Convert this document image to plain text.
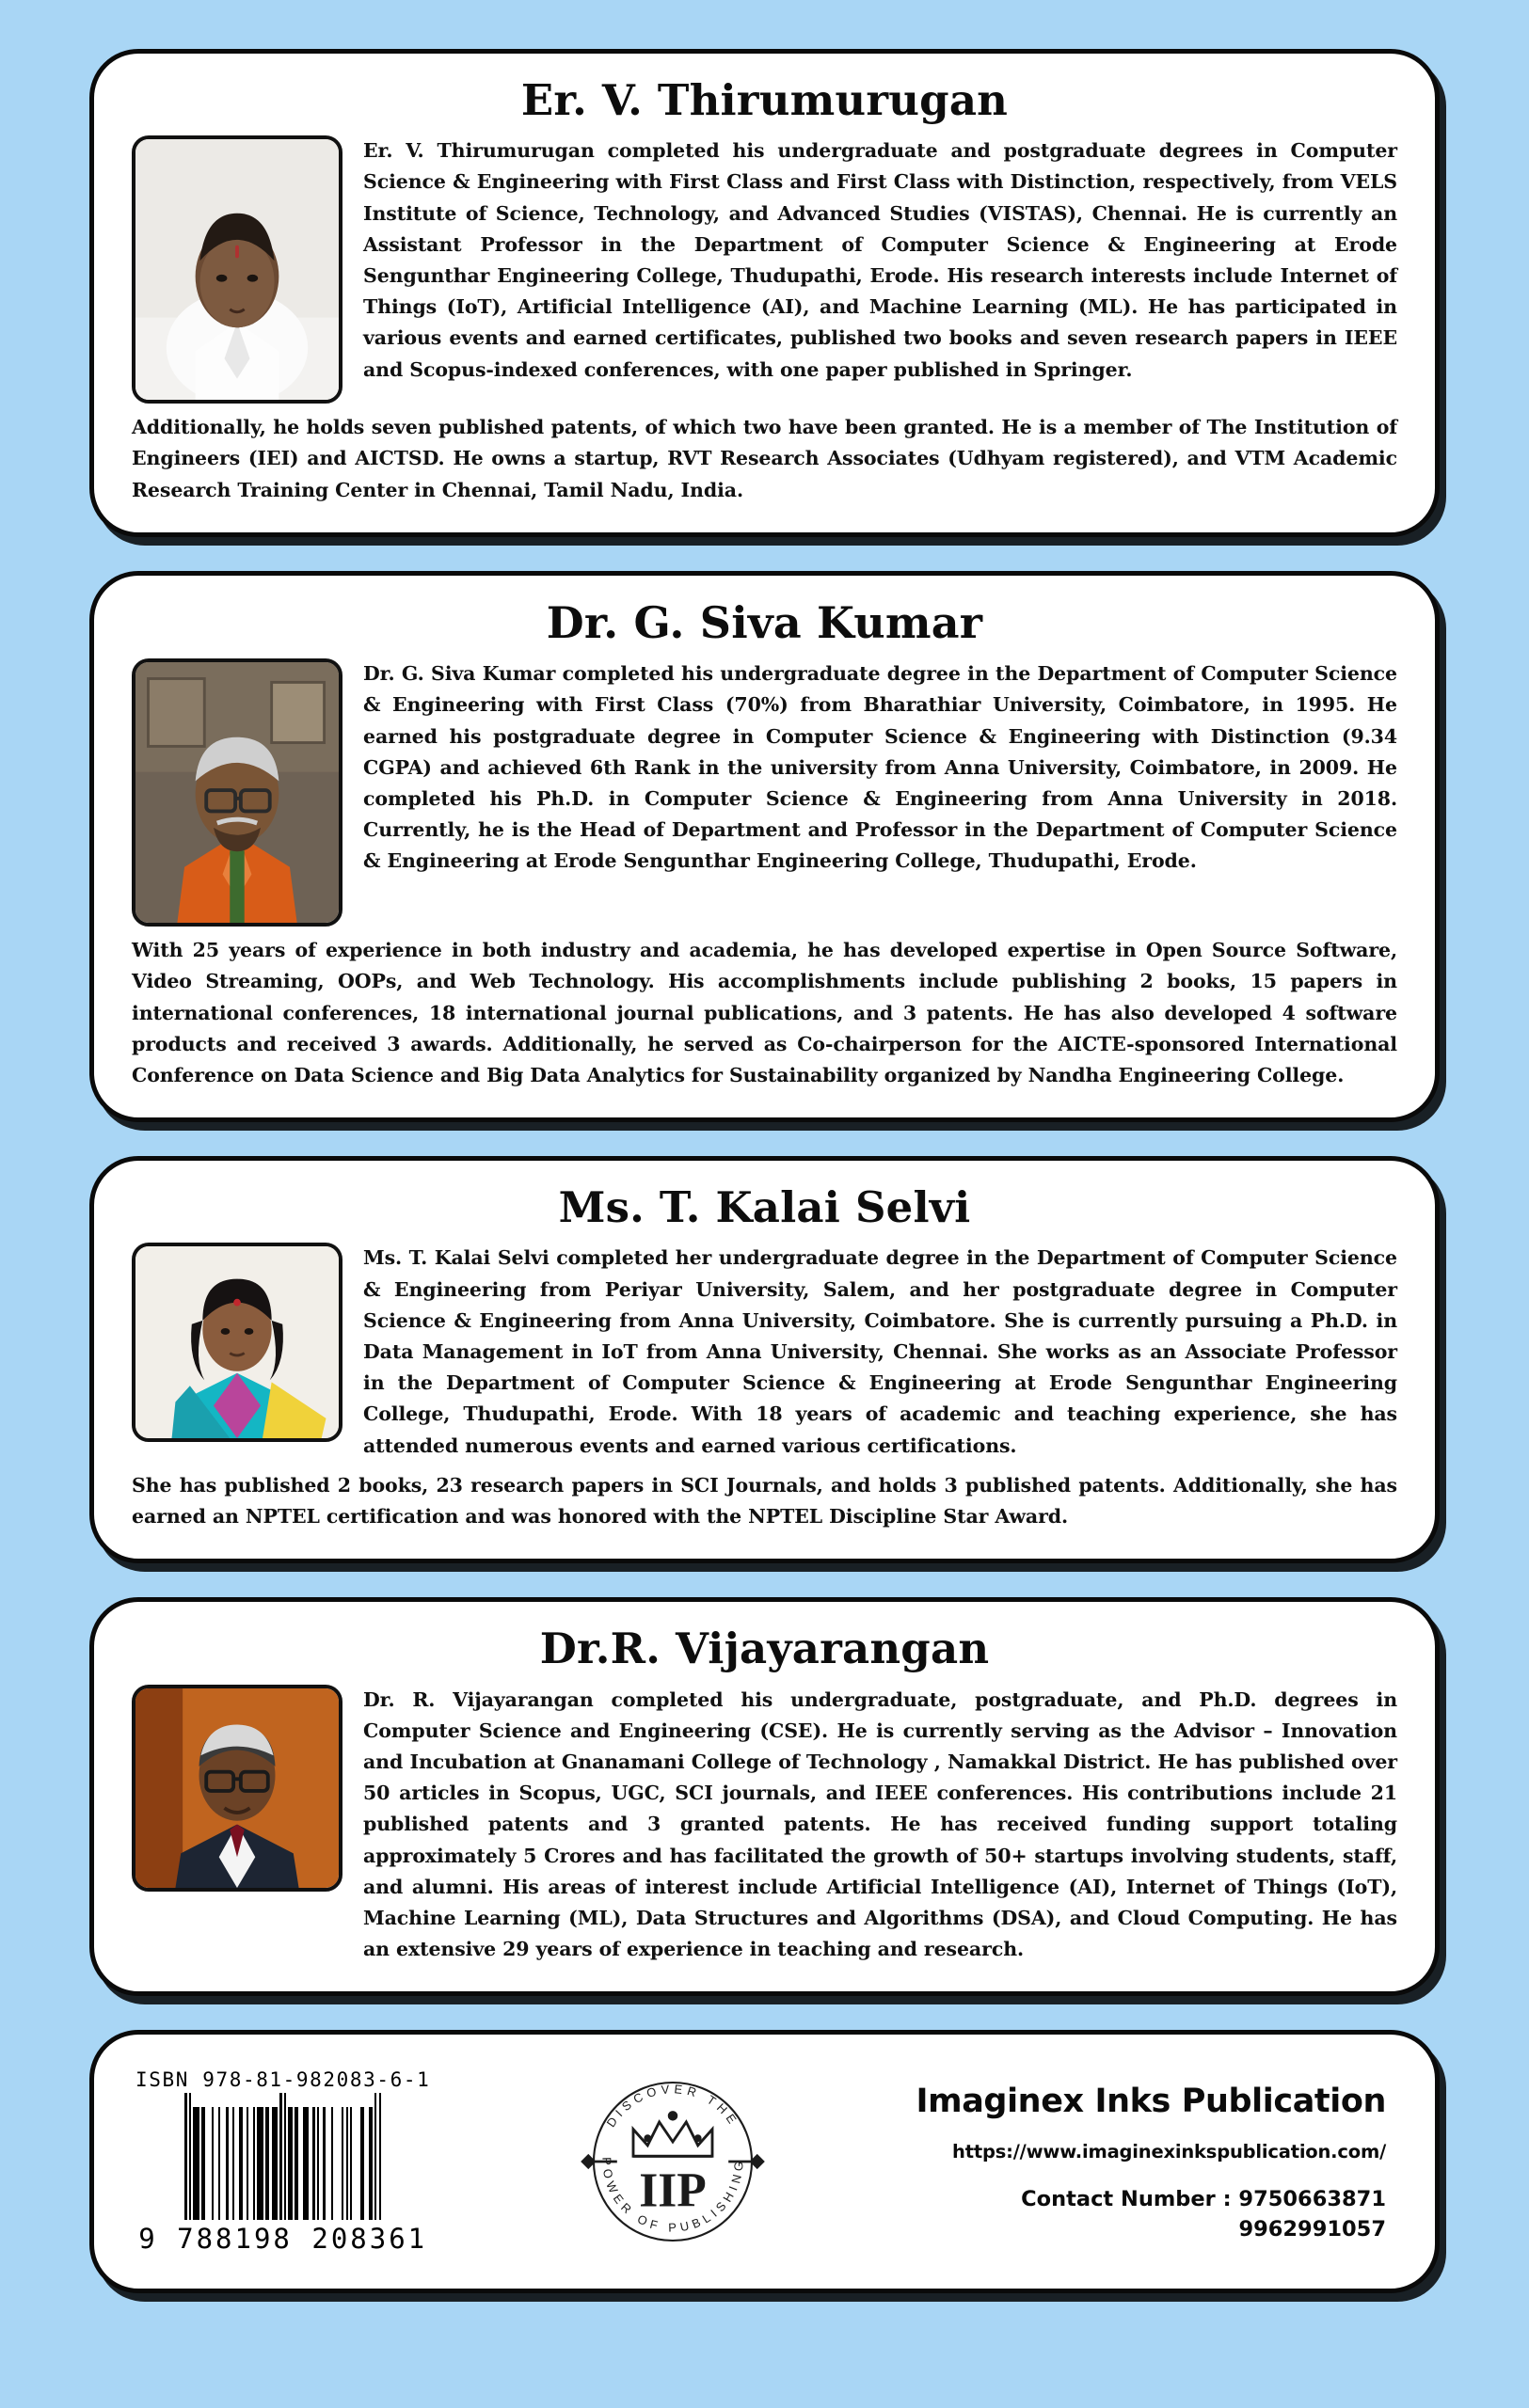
Er. V. Thirumurugan

Er. V. Thirumurugan completed his undergraduate and postgraduate degrees in Computer Science & Engineering with First Class and First Class with Distinction, respectively, from VELS Institute of Science, Technology, and Advanced Studies (VISTAS), Chennai. He is currently an Assistant Professor in the Department of Computer Science & Engineering at Erode Sengunthar Engineering College, Thudupathi, Erode. His research interests include Internet of Things (IoT), Artificial Intelligence (AI), and Machine Learning (ML). He has participated in various events and earned certificates, published two books and seven research papers in IEEE and Scopus-indexed conferences, with one paper published in Springer.

Additionally, he holds seven published patents, of which two have been granted. He is a member of The Institution of Engineers (IEI) and AICTSD. He owns a startup, RVT Research Associates (Udhyam registered), and VTM Academic Research Training Center in Chennai, Tamil Nadu, India.

Dr. G. Siva Kumar

Dr. G. Siva Kumar completed his undergraduate degree in the Department of Computer Science & Engineering with First Class (70%) from Bharathiar University, Coimbatore, in 1995. He earned his postgraduate degree in Computer Science & Engineering with Distinction (9.34 CGPA) and achieved 6th Rank in the university from Anna University, Coimbatore, in 2009. He completed his Ph.D. in Computer Science & Engineering from Anna University in 2018. Currently, he is the Head of Department and Professor in the Department of Computer Science & Engineering at Erode Sengunthar Engineering College, Thudupathi, Erode.

With 25 years of experience in both industry and academia, he has developed expertise in Open Source Software, Video Streaming, OOPs, and Web Technology. His accomplishments include publishing 2 books, 15 papers in international conferences, 18 international journal publications, and 3 patents. He has also developed 4 software products and received 3 awards. Additionally, he served as Co-chairperson for the AICTE-sponsored International Conference on Data Science and Big Data Analytics for Sustainability organized by Nandha Engineering College.

Ms. T. Kalai Selvi

Ms. T. Kalai Selvi completed her undergraduate degree in the Department of Computer Science & Engineering from Periyar University, Salem, and her postgraduate degree in Computer Science & Engineering from Anna University, Coimbatore. She is currently pursuing a Ph.D. in Data Management in IoT from Anna University, Chennai. She works as an Associate Professor in the Department of Computer Science & Engineering at Erode Sengunthar Engineering College, Thudupathi, Erode. With 18 years of academic and teaching experience, she has attended numerous events and earned various certifications.

She has published 2 books, 23 research papers in SCI Journals, and holds 3 published patents. Additionally, she has earned an NPTEL certification and was honored with the NPTEL Discipline Star Award.

Dr.R. Vijayarangan

Dr. R. Vijayarangan completed his undergraduate, postgraduate, and Ph.D. degrees in Computer Science and Engineering (CSE). He is currently serving as the Advisor – Innovation and Incubation at Gnanamani College of Technology , Namakkal District. He has published over 50 articles in Scopus, UGC, SCI journals, and IEEE conferences. His contributions include 21 published patents and 3 granted patents. He has received funding support totaling approximately 5 Crores and has facilitated the growth of 50+ startups involving students, staff, and alumni. His areas of interest include Artificial Intelligence (AI), Internet of Things (IoT), Machine Learning (ML), Data Structures and Algorithms (DSA), and Cloud Computing. He has an extensive 29 years of experience in teaching and research.

ISBN 978-81-982083-6-1
9 788198 208361
DISCOVER THE
POWER OF PUBLISHING
IIP
Imaginex Inks Publication
https://www.imaginexinkspublication.com/
Contact Number : 9750663871
9962991057
